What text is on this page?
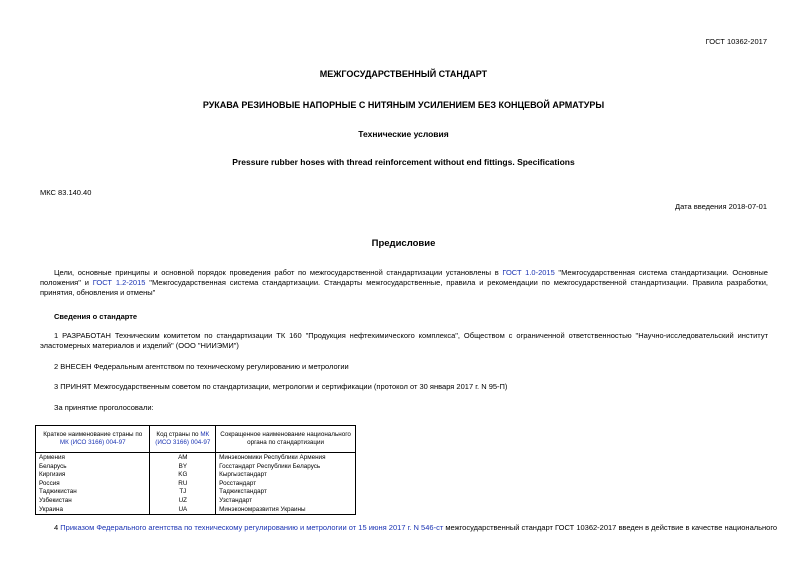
ГОСТ 10362-2017
МЕЖГОСУДАРСТВЕННЫЙ СТАНДАРТ
РУКАВА РЕЗИНОВЫЕ НАПОРНЫЕ С НИТЯНЫМ УСИЛЕНИЕМ БЕЗ КОНЦЕВОЙ АРМАТУРЫ
Технические условия
Pressure rubber hoses with thread reinforcement without end fittings. Specifications
МКС 83.140.40
Дата введения 2018-07-01
Предисловие
Цели, основные принципы и основной порядок проведения работ по межгосударственной стандартизации установлены в ГОСТ 1.0-2015 "Межгосударственная система стандартизации. Основные положения" и ГОСТ 1.2-2015 "Межгосударственная система стандартизации. Стандарты межгосударственные, правила и рекомендации по межгосударственной стандартизации. Правила разработки, принятия, обновления и отмены"
Сведения о стандарте
1 РАЗРАБОТАН Техническим комитетом по стандартизации ТК 160 "Продукция нефтехимического комплекса", Обществом с ограниченной ответственностью "Научно-исследовательский институт эластомерных материалов и изделий" (ООО "НИИЭМИ")
2 ВНЕСЕН Федеральным агентством по техническому регулированию и метрологии
3 ПРИНЯТ Межгосударственным советом по стандартизации, метрологии и сертификации (протокол от 30 января 2017 г. N 95-П)
За принятие проголосовали:
Краткое наименование страны по МК (ИСО 3166) 004-97	Код страны по МК (ИСО 3166) 004-97	Сокращенное наименование национального органа по стандартизации
Армения	AM	Минэкономики Республики Армения
Беларусь	BY	Госстандарт Республики Беларусь
Киргизия	KG	Кыргызстандарт
Россия	RU	Росстандарт
Таджикистан	TJ	Таджикстандарт
Узбекистан	UZ	Узстандарт
Украина	UA	Минэкономразвития Украины
4 Приказом Федерального агентства по техническому регулированию и метрологии от 15 июня 2017 г. N 546-ст межгосударственный стандарт ГОСТ 10362-2017 введен в действие в качестве национального
